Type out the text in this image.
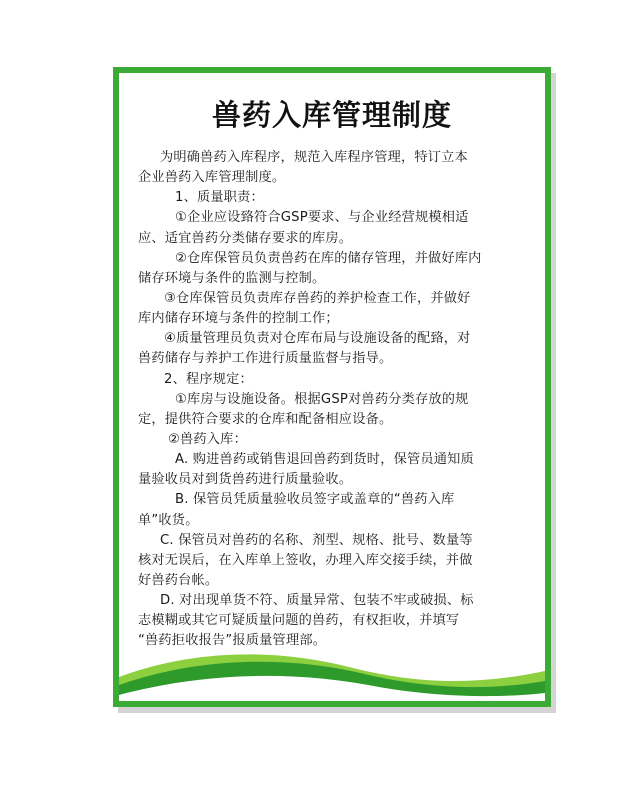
兽药入库管理制度
为明确兽药入库程序，规范入库程序管理，特订立本
企业兽药入库管理制度。
1、质量职责：
①企业应设臵符合GSP要求、与企业经营规模相适
应、适宜兽药分类储存要求的库房。
②仓库保管员负责兽药在库的储存管理，并做好库内
储存环境与条件的监测与控制。
③仓库保管员负责库存兽药的养护检查工作，并做好
库内储存环境与条件的控制工作；
④质量管理员负责对仓库布局与设施设备的配臵，对
兽药储存与养护工作进行质量监督与指导。
2、程序规定：
①库房与设施设备。根据GSP对兽药分类存放的规
定，提供符合要求的仓库和配备相应设备。
②兽药入库：
A. 购进兽药或销售退回兽药到货时，保管员通知质
量验收员对到货兽药进行质量验收。
B. 保管员凭质量验收员签字或盖章的“兽药入库
单”收货。
C. 保管员对兽药的名称、剂型、规格、批号、数量等
核对无误后，在入库单上签收，办理入库交接手续，并做
好兽药台帐。
D. 对出现单货不符、质量异常、包装不牢或破损、标
志模糊或其它可疑质量问题的兽药，有权拒收，并填写
“兽药拒收报告”报质量管理部。
